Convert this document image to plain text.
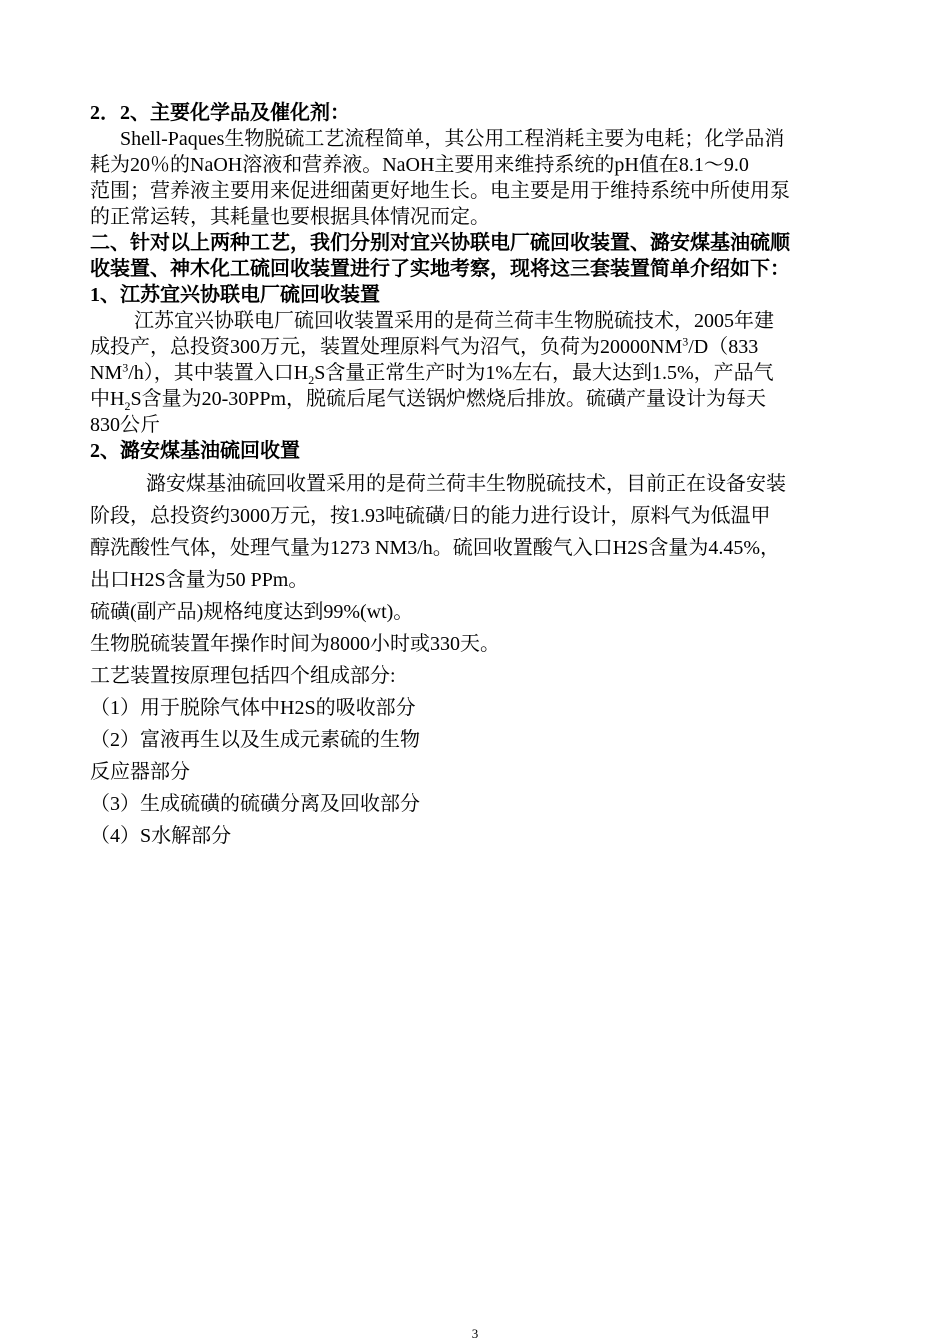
2．2、主要化学品及催化剂：
Shell-Paques生物脱硫工艺流程简单，其公用工程消耗主要为电耗；化学品消
耗为20％的NaOH溶液和营养液。NaOH主要用来维持系统的pH值在8.1～9.0
范围；营养液主要用来促进细菌更好地生长。电主要是用于维持系统中所使用泵
的正常运转，其耗量也要根据具体情况而定。
二、针对以上两种工艺，我们分别对宜兴协联电厂硫回收装置、潞安煤基油硫顺
收装置、神木化工硫回收装置进行了实地考察，现将这三套装置简单介绍如下：
1、江苏宜兴协联电厂硫回收装置
江苏宜兴协联电厂硫回收装置采用的是荷兰荷丰生物脱硫技术，2005年建
成投产，总投资300万元，装置处理原料气为沼气，负荷为$20000NM^3/D(833$
$NM^3/h$），其中装置入口$H_2S$含量正常生产时为1%左右，最大达到1.5%，产品气
中$H_2S$含量为20-30PPm，脱硫后尾气送锅炉燃烧后排放。硫磺产量设计为每天
830公斤
2、潞安煤基油硫回收置
潞安煤基油硫回收置采用的是荷兰荷丰生物脱硫技术，目前正在设备安装
阶段，总投资约3000万元，按1.93吨硫磺/日的能力进行设计，原料气为低温甲
醇洗酸性气体，处理气量为1273 NM3/h。硫回收置酸气入口H2S含量为4.45%，
出口H2S含量为50 PPm。
硫磺(副产品)规格纯度达到99%(wt)。
生物脱硫装置年操作时间为8000小时或330天。
工艺装置按原理包括四个组成部分:
（1）用于脱除气体中H2S的吸收部分
（2）富液再生以及生成元素硫的生物
反应器部分
（3）生成硫磺的硫磺分离及回收部分
（4）S水解部分
3
